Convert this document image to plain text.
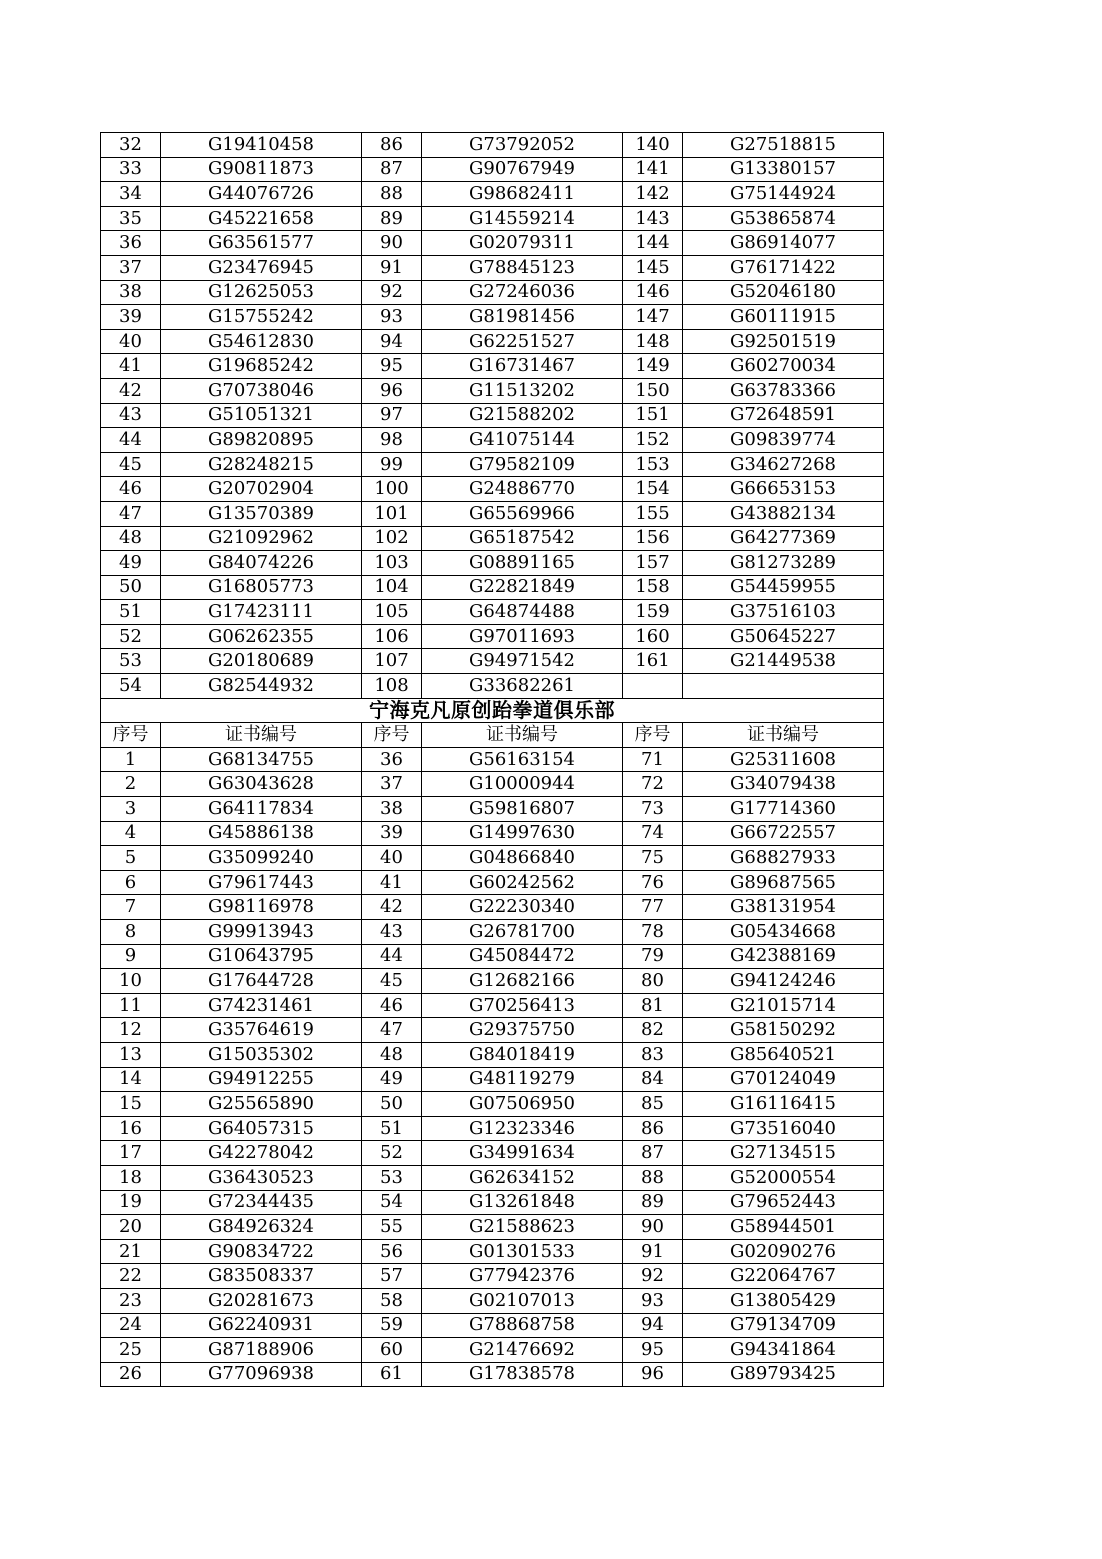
32	G19410458	86	G73792052	140	G27518815
33	G90811873	87	G90767949	141	G13380157
34	G44076726	88	G98682411	142	G75144924
35	G45221658	89	G14559214	143	G53865874
36	G63561577	90	G02079311	144	G86914077
37	G23476945	91	G78845123	145	G76171422
38	G12625053	92	G27246036	146	G52046180
39	G15755242	93	G81981456	147	G60111915
40	G54612830	94	G62251527	148	G92501519
41	G19685242	95	G16731467	149	G60270034
42	G70738046	96	G11513202	150	G63783366
43	G51051321	97	G21588202	151	G72648591
44	G89820895	98	G41075144	152	G09839774
45	G28248215	99	G79582109	153	G34627268
46	G20702904	100	G24886770	154	G66653153
47	G13570389	101	G65569966	155	G43882134
48	G21092962	102	G65187542	156	G64277369
49	G84074226	103	G08891165	157	G81273289
50	G16805773	104	G22821849	158	G54459955
51	G17423111	105	G64874488	159	G37516103
52	G06262355	106	G97011693	160	G50645227
53	G20180689	107	G94971542	161	G21449538
54	G82544932	108	G33682261		
宁海克凡原创跆拳道俱乐部					
序号	证书编号	序号	证书编号	序号	证书编号
1	G68134755	36	G56163154	71	G25311608
2	G63043628	37	G10000944	72	G34079438
3	G64117834	38	G59816807	73	G17714360
4	G45886138	39	G14997630	74	G66722557
5	G35099240	40	G04866840	75	G68827933
6	G79617443	41	G60242562	76	G89687565
7	G98116978	42	G22230340	77	G38131954
8	G99913943	43	G26781700	78	G05434668
9	G10643795	44	G45084472	79	G42388169
10	G17644728	45	G12682166	80	G94124246
11	G74231461	46	G70256413	81	G21015714
12	G35764619	47	G29375750	82	G58150292
13	G15035302	48	G84018419	83	G85640521
14	G94912255	49	G48119279	84	G70124049
15	G25565890	50	G07506950	85	G16116415
16	G64057315	51	G12323346	86	G73516040
17	G42278042	52	G34991634	87	G27134515
18	G36430523	53	G62634152	88	G52000554
19	G72344435	54	G13261848	89	G79652443
20	G84926324	55	G21588623	90	G58944501
21	G90834722	56	G01301533	91	G02090276
22	G83508337	57	G77942376	92	G22064767
23	G20281673	58	G02107013	93	G13805429
24	G62240931	59	G78868758	94	G79134709
25	G87188906	60	G21476692	95	G94341864
26	G77096938	61	G17838578	96	G89793425
